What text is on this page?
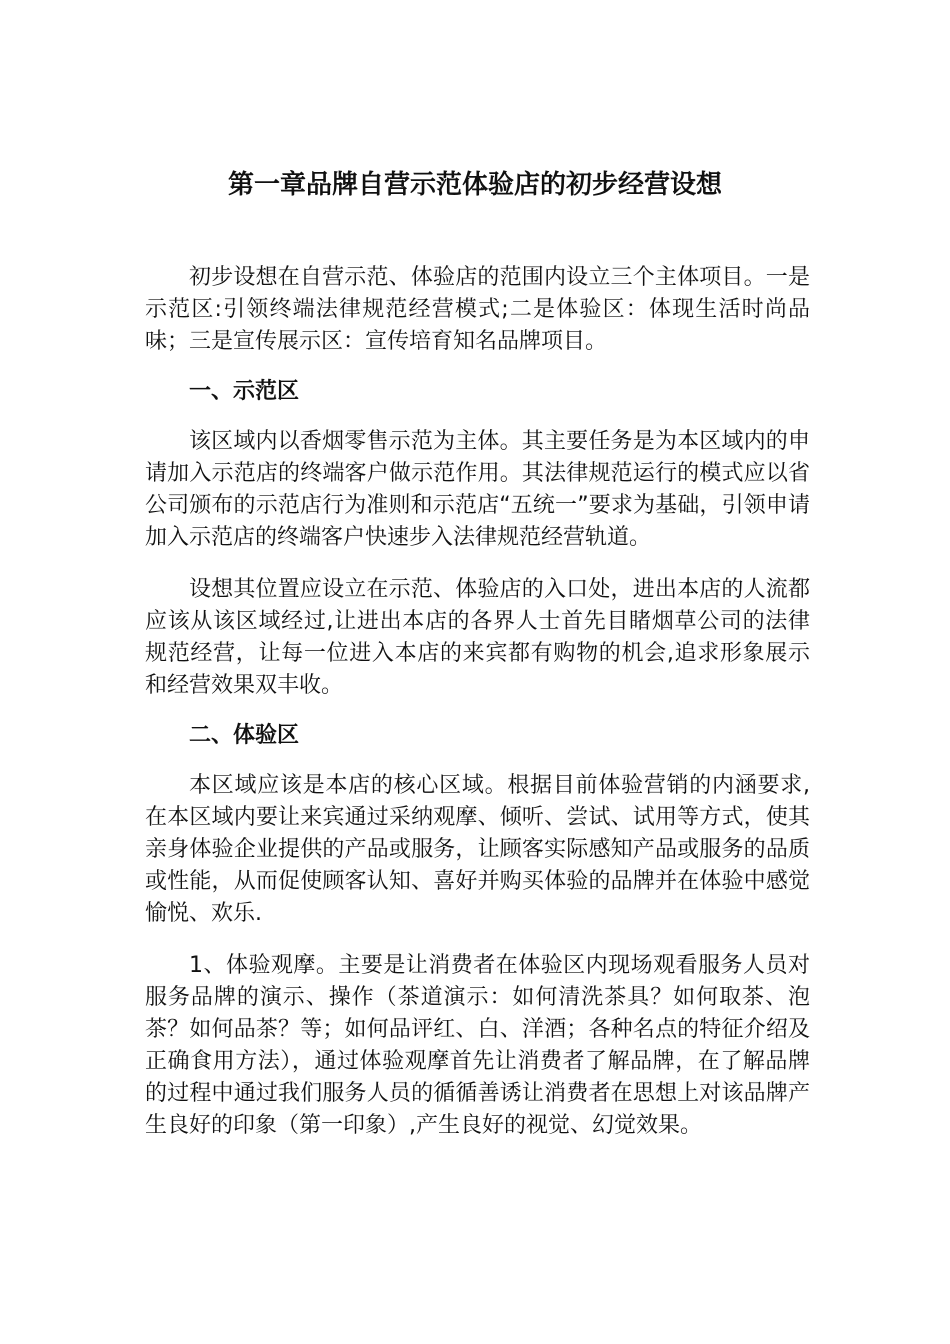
第一章品牌自营示范体验店的初步经营设想

初步设想在自营示范、体验店的范围内设立三个主体项目。一是示范区:引领终端法律规范经营模式;二是体验区：体现生活时尚品味；三是宣传展示区：宣传培育知名品牌项目。

一、示范区

该区域内以香烟零售示范为主体。其主要任务是为本区域内的申请加入示范店的终端客户做示范作用。其法律规范运行的模式应以省公司颁布的示范店行为准则和示范店“五统一”要求为基础，引领申请加入示范店的终端客户快速步入法律规范经营轨道。

设想其位置应设立在示范、体验店的入口处，进出本店的人流都应该从该区域经过,让进出本店的各界人士首先目睹烟草公司的法律规范经营，让每一位进入本店的来宾都有购物的机会,追求形象展示和经营效果双丰收。

二、体验区

本区域应该是本店的核心区域。根据目前体验营销的内涵要求,在本区域内要让来宾通过采纳观摩、倾听、尝试、试用等方式，使其亲身体验企业提供的产品或服务，让顾客实际感知产品或服务的品质或性能，从而促使顾客认知、喜好并购买体验的品牌并在体验中感觉愉悦、欢乐.

1、体验观摩。主要是让消费者在体验区内现场观看服务人员对服务品牌的演示、操作（茶道演示：如何清洗茶具？如何取茶、泡茶？如何品茶？等；如何品评红、白、洋酒；各种名点的特征介绍及正确食用方法），通过体验观摩首先让消费者了解品牌，在了解品牌的过程中通过我们服务人员的循循善诱让消费者在思想上对该品牌产生良好的印象（第一印象）,产生良好的视觉、幻觉效果。
